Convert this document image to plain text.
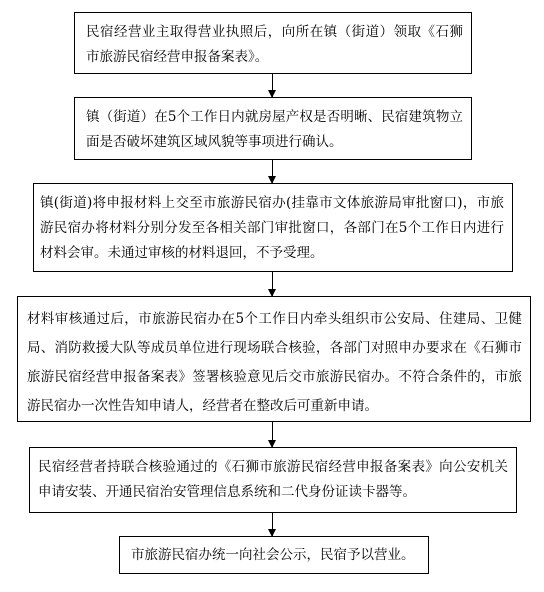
民宿经营业主取得营业执照后，向所在镇（街道）领取《石狮市旅游民宿经营申报备案表》。
镇（街道）在5个工作日内就房屋产权是否明晰、民宿建筑物立面是否破坏建筑区域风貌等事项进行确认。
镇(街道)将申报材料上交至市旅游民宿办(挂靠市文体旅游局审批窗口)，市旅游民宿办将材料分别分发至各相关部门审批窗口，各部门在5个工作日内进行材料会审。未通过审核的材料退回，不予受理。
材料审核通过后，市旅游民宿办在5个工作日内牵头组织市公安局、住建局、卫健局、消防救援大队等成员单位进行现场联合核验，各部门对照申办要求在《石狮市旅游民宿经营申报备案表》签署核验意见后交市旅游民宿办。不符合条件的，市旅游民宿办一次性告知申请人，经营者在整改后可重新申请。
民宿经营者持联合核验通过的《石狮市旅游民宿经营申报备案表》向公安机关申请安装、开通民宿治安管理信息系统和二代身份证读卡器等。
市旅游民宿办统一向社会公示，民宿予以营业。
